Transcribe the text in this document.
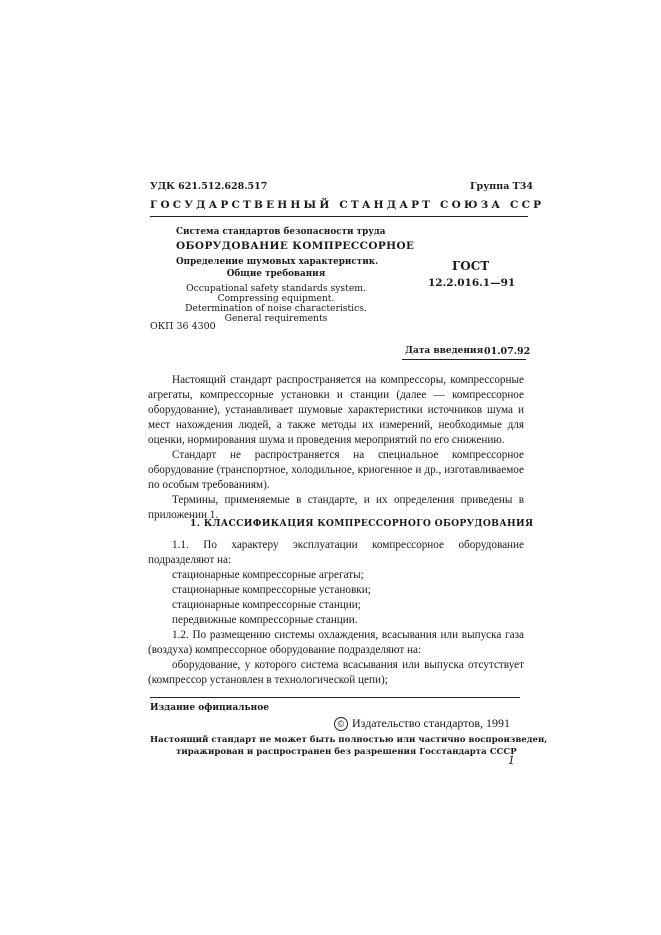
УДК 621.512.628.517	Группа Т34
ГОСУДАРСТВЕННЫЙ СТАНДАРТ СОЮЗА ССР
Система стандартов безопасности труда
ОБОРУДОВАНИЕ КОМПРЕССОРНОЕ
Определение шумовых характеристик.
Общие требования
Occupational safety standards system.
Compressing equipment.
Determination of noise characteristics.
General requirements
ОКП 36 4300
ГОСТ
12.2.016.1—91
Дата введения 01.07.92

Настоящий стандарт распространяется на компрессоры, компрессорные агрегаты, компрессорные установки и станции (далее — компрессорное оборудование), устанавливает шумовые характеристики источников шума и мест нахождения людей, а также методы их измерений, необходимые для оценки, нормирования шума и проведения мероприятий по его снижению.

Стандарт не распространяется на специальное компрессорное оборудование (транспортное, холодильное, криогенное и др., изготавливаемое по особым требованиям).

Термины, применяемые в стандарте, и их определения приведены в приложении 1.

1. КЛАССИФИКАЦИЯ КОМПРЕССОРНОГО ОБОРУДОВАНИЯ

1.1. По характеру эксплуатации компрессорное оборудование подразделяют на:

стационарные компрессорные агрегаты;

стационарные компрессорные установки;

стационарные компрессорные станции;

передвижные компрессорные станции.

1.2. По размещению системы охлаждения, всасывания или выпуска газа (воздуха) компрессорное оборудование подразделяют на:

оборудование, у которого система всасывания или выпуска отсутствует (компрессор установлен в технологической цепи);

Издание официальное
© Издательство стандартов, 1991
Настоящий стандарт не может быть полностью или частично воспроизведен,
тиражирован и распространен без разрешения Госстандарта СССР
1
